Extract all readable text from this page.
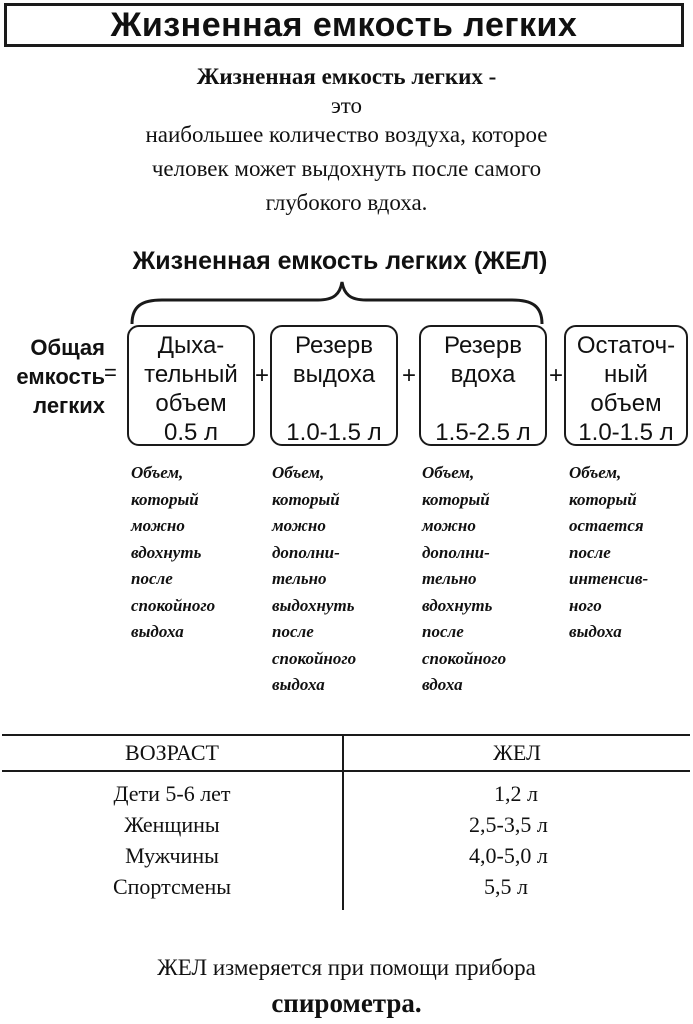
Жизненная емкость легких
Жизненная емкость легких -
это
наибольшее количество воздуха, которое
человек может выдохнуть после самого
глубокого вдоха.
Жизненная емкость легких (ЖЕЛ)
Общая
емкость
легких
=
Дыха-
тельный
объем
0.5 л
+
Резерв
выдоха
1.0-1.5 л
+
Резерв
вдоха
1.5-2.5 л
+
Остаточ-
ный
объем
1.0-1.5 л
Объем,
который
можно
вдохнуть
после
спокойного
выдоха
Объем,
который
можно
дополни-
тельно
выдохнуть
после
спокойного
выдоха
Объем,
который
можно
дополни-
тельно
вдохнуть
после
спокойного
вдоха
Объем,
который
остается
после
интенсив-
ного
выдоха
ВОЗРАСТ	ЖЕЛ
Дети 5-6 лет	1,2 л
Женщины	2,5-3,5 л
Мужчины	4,0-5,0 л
Спортсмены	5,5 л
ЖЕЛ измеряется при помощи прибора
спирометра.
